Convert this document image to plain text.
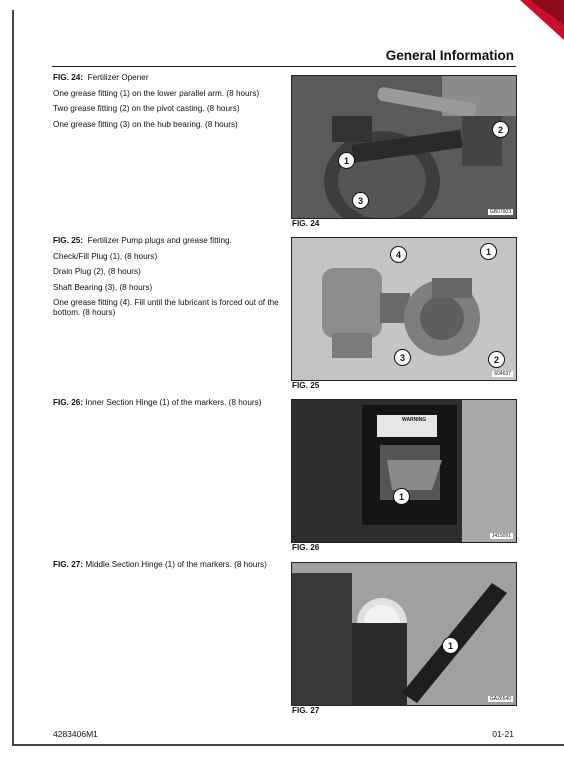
General Information

FIG. 24: Fertilizer Opener

One grease fitting (1) on the lower parallel arm. (8 hours)

Two grease fitting (2) on the pivot casting. (8 hours)

One grease fitting (3) on the hub bearing. (8 hours)

2
1
3
GB07003
FIG. 24

FIG. 25: Fertilizer Pump plugs and grease fitting.

Check/Fill Plug (1), (8 hours)

Drain Plug (2), (8 hours)

Shaft Bearing (3), (8 hours)

One grease fitting (4). Fill until the lubricant is forced out of the bottom. (8 hours)

1
4
3	2
604637
FIG. 25

FIG. 26: Inner Section Hinge (1) of the markers. (8 hours)

WARNING
1
J415091
FIG. 26

FIG. 27: Middle Section Hinge (1) of the markers. (8 hours)

1
GA26540
FIG. 27
4283406M1	01-21
